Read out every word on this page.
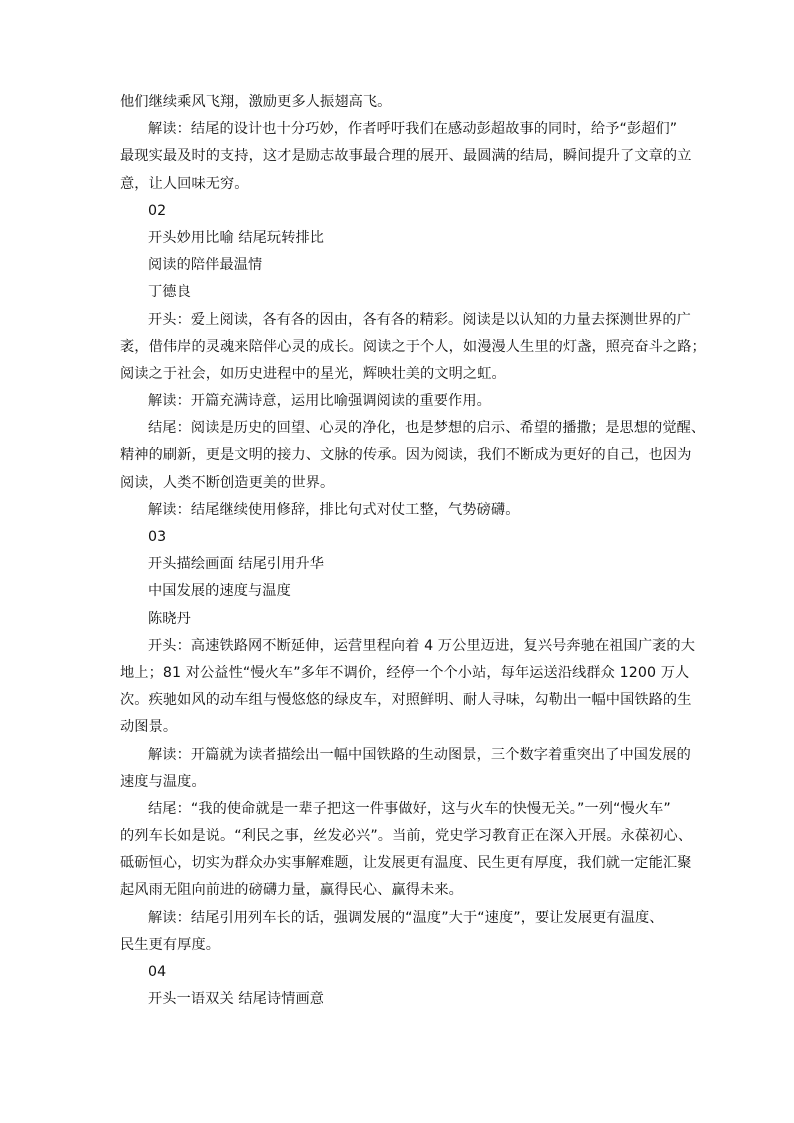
他们继续乘风飞翔，激励更多人振翅高飞。

解读：结尾的设计也十分巧妙，作者呼吁我们在感动彭超故事的同时，给予“彭超们”

最现实最及时的支持，这才是励志故事最合理的展开、最圆满的结局，瞬间提升了文章的立

意，让人回味无穷。

02

开头妙用比喻 结尾玩转排比

阅读的陪伴最温情

丁德良

开头：爱上阅读，各有各的因由，各有各的精彩。阅读是以认知的力量去探测世界的广

袤，借伟岸的灵魂来陪伴心灵的成长。阅读之于个人，如漫漫人生里的灯盏，照亮奋斗之路；

阅读之于社会，如历史进程中的星光，辉映壮美的文明之虹。

解读：开篇充满诗意，运用比喻强调阅读的重要作用。

结尾：阅读是历史的回望、心灵的净化，也是梦想的启示、希望的播撒；是思想的觉醒、

精神的刷新，更是文明的接力、文脉的传承。因为阅读，我们不断成为更好的自己，也因为

阅读，人类不断创造更美的世界。

解读：结尾继续使用修辞，排比句式对仗工整，气势磅礴。

03

开头描绘画面 结尾引用升华

中国发展的速度与温度

陈晓丹

开头：高速铁路网不断延伸，运营里程向着 4 万公里迈进，复兴号奔驰在祖国广袤的大

地上；81 对公益性“慢火车”多年不调价，经停一个个小站，每年运送沿线群众 1200 万人

次。疾驰如风的动车组与慢悠悠的绿皮车，对照鲜明、耐人寻味，勾勒出一幅中国铁路的生

动图景。

解读：开篇就为读者描绘出一幅中国铁路的生动图景，三个数字着重突出了中国发展的

速度与温度。

结尾：“我的使命就是一辈子把这一件事做好，这与火车的快慢无关。”一列“慢火车”

的列车长如是说。“利民之事，丝发必兴”。当前，党史学习教育正在深入开展。永葆初心、

砥砺恒心，切实为群众办实事解难题，让发展更有温度、民生更有厚度，我们就一定能汇聚

起风雨无阻向前进的磅礴力量，赢得民心、赢得未来。

解读：结尾引用列车长的话，强调发展的“温度”大于“速度”，要让发展更有温度、

民生更有厚度。

04

开头一语双关 结尾诗情画意
